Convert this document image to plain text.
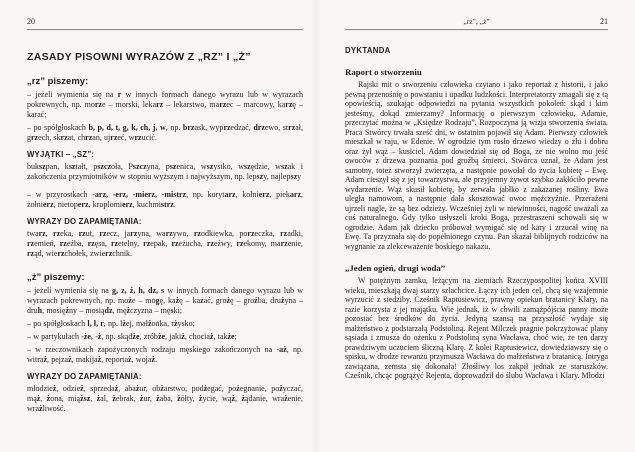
20
ZASADY PISOWNI WYRAZÓW Z „RZ” I „Ż”
„rz” piszemy:
– jeżeli wymienia się na r w innych formach danego wyrazu lub w wyrazach pokrewnych, np. morze – morski, lekarz – lekarstwo, marzec – marcowy, karzę – karać;
– po spółgłoskach b, p, d, t, g, k, ch, j, w, np. brzask, wyprzedzać, drzewo, strzał, grzech, skrzat, chrzan, ujrzeć, wrzucić.
WYJĄTKI – „SZ”:
bukszpan, kształt, pszczoła, Pszczyna, pszenica, wszystko, wszędzie, wszak i zakończenia przymiotników w stopniu wyższym i najwyższym, np. lepszy, najlepszy
– w przyrostkach -arz, -erz, -mierz, -mistrz, np. korytarz, kołnierz, piekarz, żołnierz, nietoperz, kroplomierz, kuchmistrz.
WYRAZY DO ZAPAMIĘTANIA:
twarz, rzeka, rzut, rzecz, jarzyna, warzywo, rzodkiewka, porzeczka, rzadki, rzemień, rzeźba, rzęsa, rzetelny, rzepak, rzeżucha, rzeźwy, rzekomy, marzenie, rząd, wierzchołek, zwierzchnik.
„ż” piszemy:
– jeżeli wymienia się na g, z, ź, h, dz, s w innych formach danego wyrazu lub w wyrazach pokrewnych, np. może – mogę, każę – kazać, grożę – groźba, drużyna – druh, mosiężny – mosiądz, mężczyzna – męski;
– po spółgłoskach l, ł, r, np. lżej, małżonka, rżysko;
– w partykułach -że, -ż, np. skądże, zróbże, jakiż, chociaż, także;
– w rzeczownikach zapożyczonych rodzaju męskiego zakończonych na -aż, np. witraż, pejzaż, makijaż, reportaż, wojaż.
WYRAZY DO ZAPAMIĘTANIA:
młodzież, odzież, sprzedaż, abażur, obżarstwo, podżegać, pożegnanie, pożyczać, mąż, żona, miąższ, żal, żebrak, żur, żaba, żółty, życie, wąż, żądanie, wrażenie, wrażliwość.
„rz”, „ż”	21
DYKTANDA
Raport o stworzeniu
Rajski mit o stworzeniu człowieka czytano i jako reportaż z historii, i jako pewną przenośnię o powstaniu i upadku ludzkości. Interpretatorzy zmagali się z tą opowieścią, szukając odpowiedzi na pytania wszystkich pokoleń: skąd i kim jesteśmy, dokąd zmierzamy? Informację o pierwszym człowieku, Adamie, przeczytać można w „Księdze Rodzaju”. Rozpoczyna ją wizja stworzenia świata. Praca Stwórcy trwała sześć dni, w ostatnim pojawił się Adam. Pierwszy człowiek mieszkał w raju, w Edenie. W ogrodzie tym rosło drzewo wiedzy o złu i dobru oraz żył wąż – kusiciel. Adam dowiedział się od Boga, że nie wolno mu jeść owoców z drzewa poznania pod groźbą śmierci. Stwórca uznał, że Adam jest samotny, toteż stworzył zwierzęta, a następnie powołał do życia kobietę – Ewę. Adam cieszył się z jej towarzystwa, ale przyjemny żywot szybko zakłóciło pewne wydarzenie. Wąż skusił kobietę, by zerwała jabłko z zakazanej rośliny. Ewa uległa namowom, a następnie dała skosztować owoc mężczyźnie. Przerażeni ujrzeli nagle, że są bez odzieży. Wcześniej żyli w niewinności, nagość uważali za coś naturalnego. Gdy tylko usłyszeli kroki Boga, przestraszeni schowali się w ogrodzie. Adam jak dziecko próbował wymigać się od kary i zrzucał winę na Ewę. Ta przyznała się do popełnionego czynu. Pan skazał biblijnych rodziców na wygnanie za zlekceważenie boskiego nakazu.
„Jeden ogień, drugi woda”
W potężnym zamku, leżącym na ziemiach Rzeczypospolitej końca XVIII wieku, mieszkają dwaj starzy szlachcice. Łączy ich jeden cel, chcą się wzajemnie wyrzucić z siedziby. Cześnik Raptusiewicz, prawny opiekun bratanicy Klary, na razie korzysta z jej majątku. Wie jednak, iż w chwili zamążpójścia panny może pozostać bez środków do życia. Jedyną szansą na przyszłość wydaje się małżeństwo z podstarzałą Podstoliną. Rejent Milczek pragnie pokrzyżować plany sąsiada i zmusza do ożenku z Podstoliną syna Wacława, choć wie, że ten darzy prawdziwym uczuciem śliczną Klarę. Z kolei Raptusiewicz, dowiedziawszy się o spisku, w drodze rewanżu przymusza Wacława do małżeństwa z bratanicą. Intryga zawiązana, zemsta się dokonała! Złośliwy los zakpił jednak ze staruszków. Cześnik, chcąc pogrążyć Rejenta, doprowadził do ślubu Wacława i Klary. Młodzi
